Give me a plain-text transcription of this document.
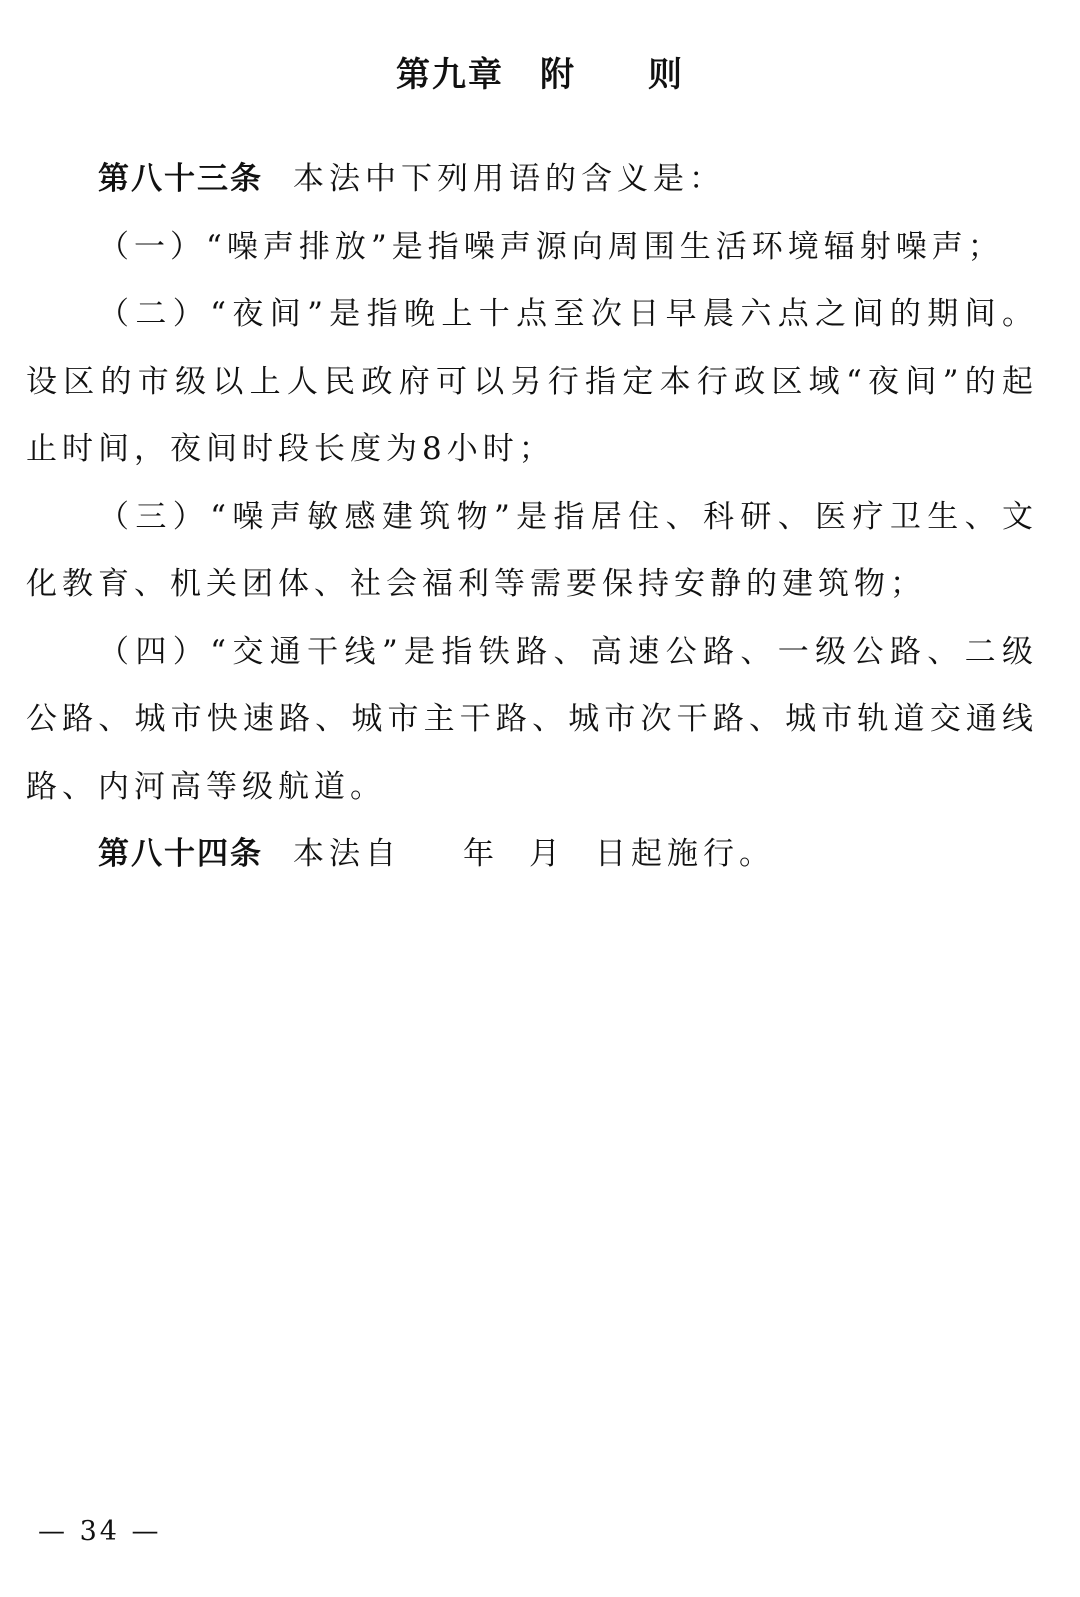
第九章　附　　则

第八十三条 本法中下列用语的含义是：

（一）“噪声排放”是指噪声源向周围生活环境辐射噪声；

（二）“夜间”是指晚上十点至次日早晨六点之间的期间。设区的市级以上人民政府可以另行指定本行政区域“夜间”的起止时间，夜间时段长度为8小时；

（三）“噪声敏感建筑物”是指居住、科研、医疗卫生、文化教育、机关团体、社会福利等需要保持安静的建筑物；

（四）“交通干线”是指铁路、高速公路、一级公路、二级公路、城市快速路、城市主干路、城市次干路、城市轨道交通线路、内河高等级航道。

第八十四条 本法自 年 月 日起施行。

— 34 —
